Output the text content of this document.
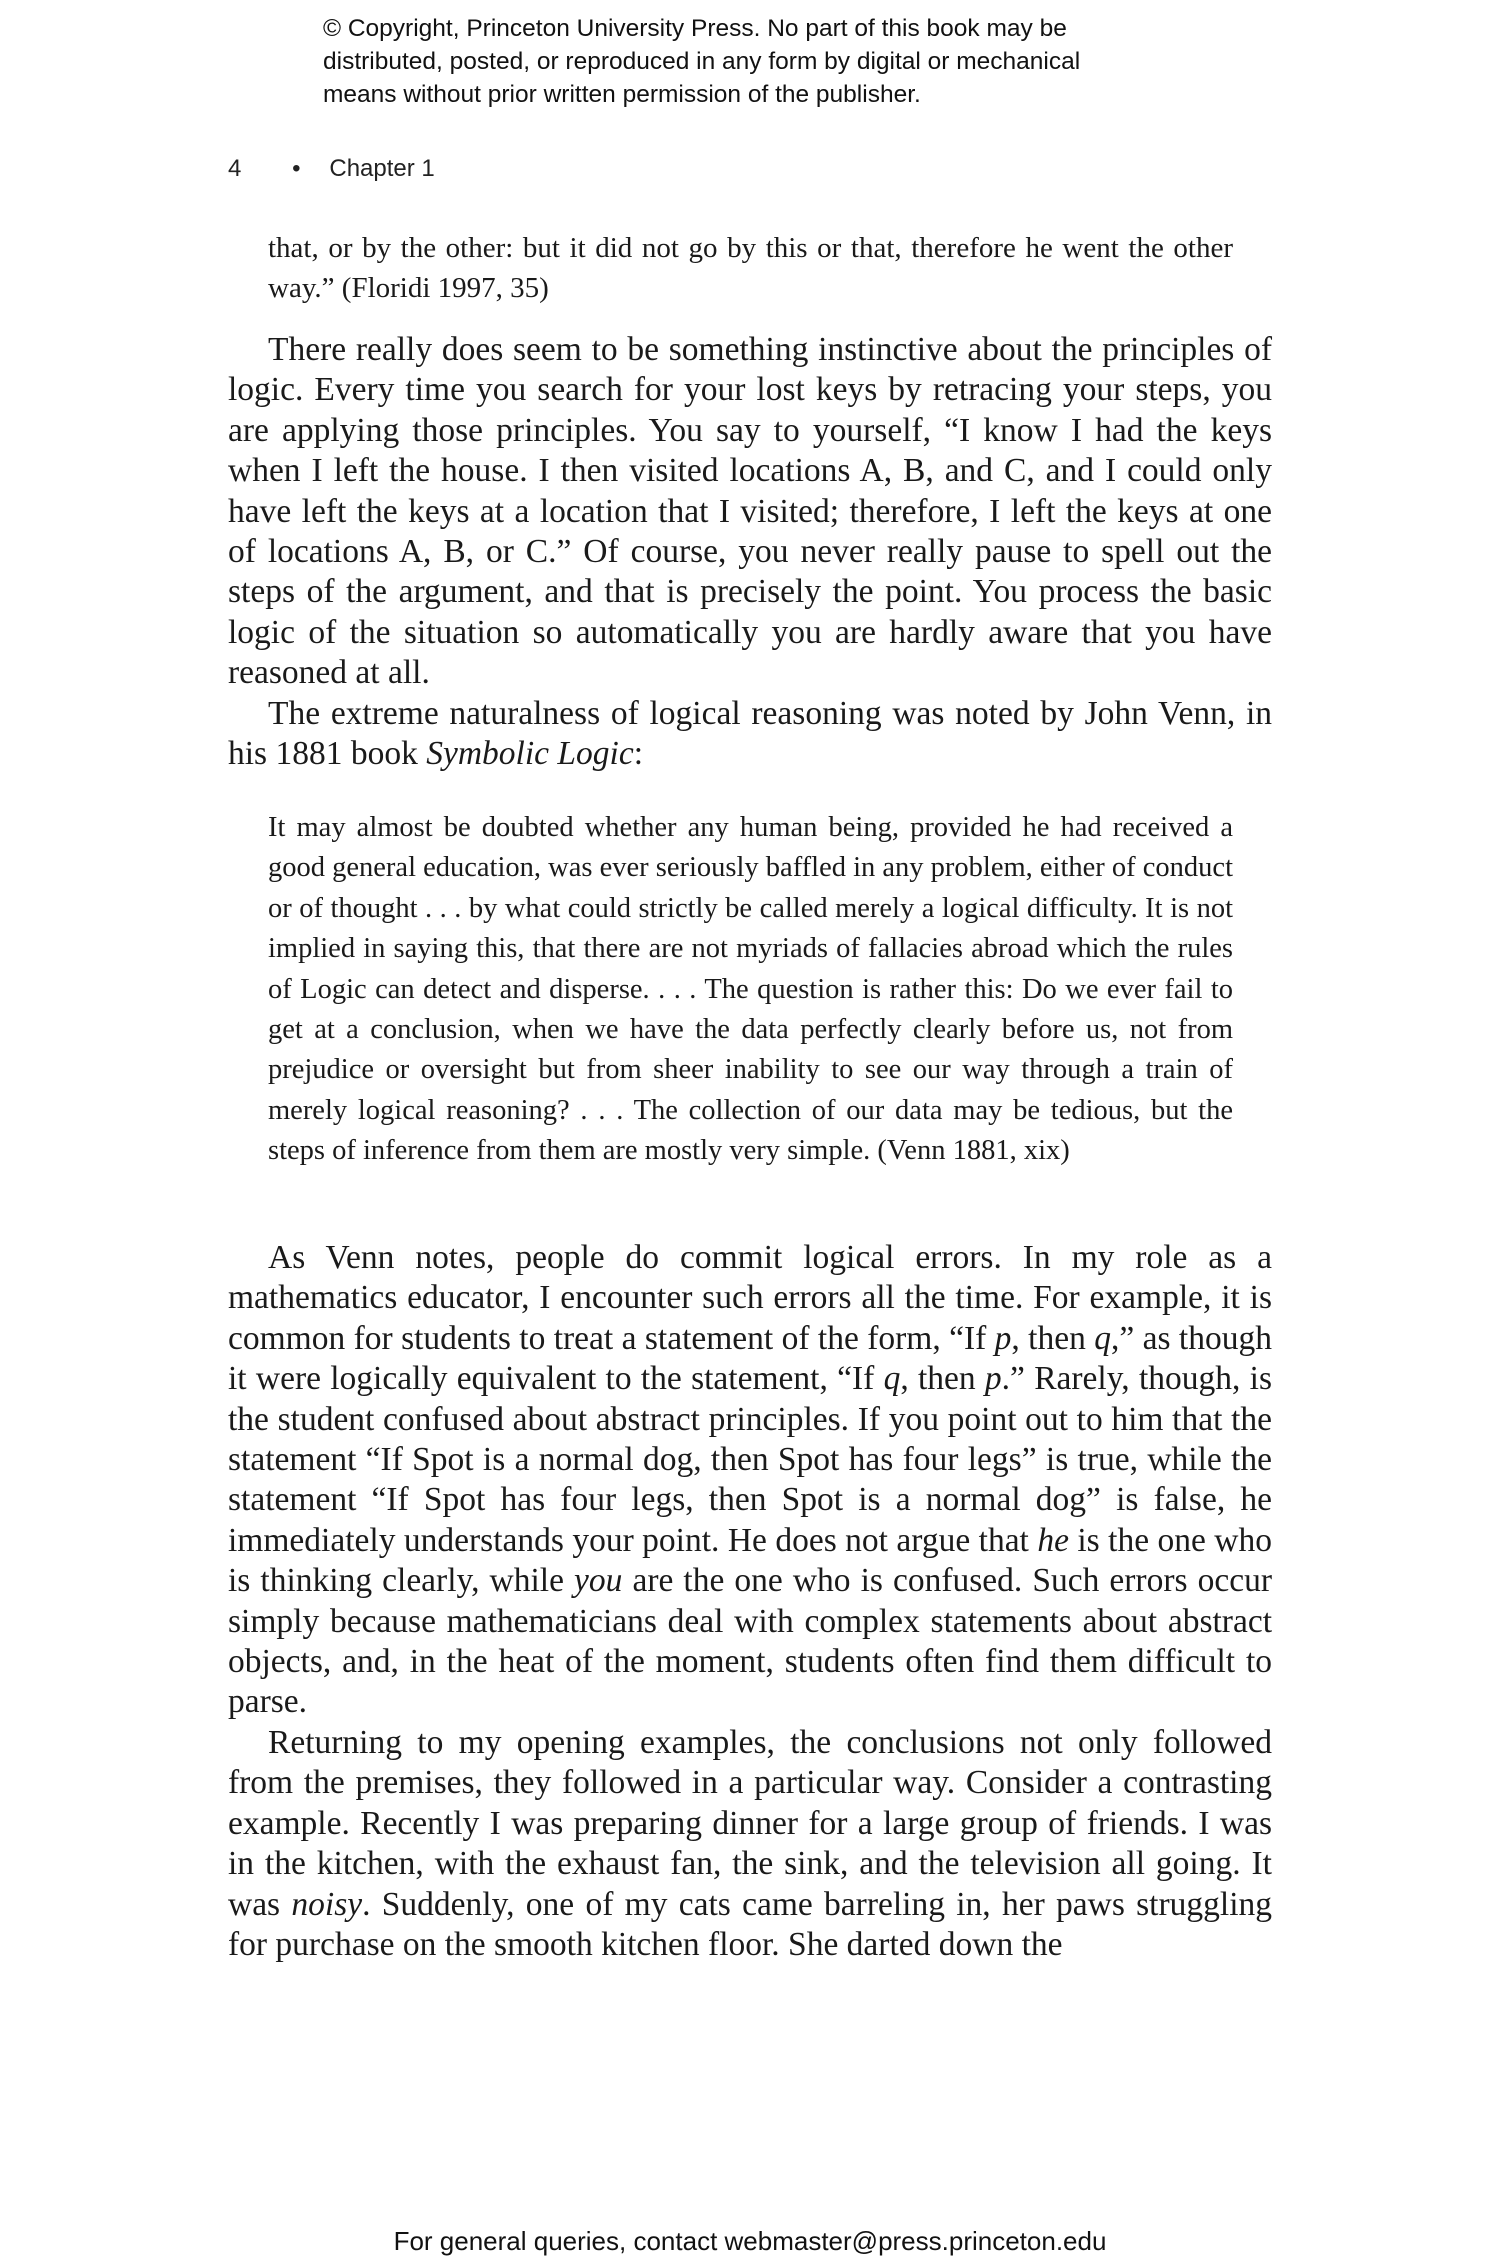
© Copyright, Princeton University Press. No part of this book may be
distributed, posted, or reproduced in any form by digital or mechanical
means without prior written permission of the publisher.
4 • Chapter 1

that, or by the other: but it did not go by this or that, therefore he went the other way.” (Floridi 1997, 35)

There really does seem to be something instinctive about the principles of logic. Every time you search for your lost keys by retracing your steps, you are applying those principles. You say to yourself, “I know I had the keys when I left the house. I then visited locations A, B, and C, and I could only have left the keys at a location that I visited; therefore, I left the keys at one of locations A, B, or C.” Of course, you never really pause to spell out the steps of the argument, and that is precisely the point. You process the basic logic of the situation so automatically you are hardly aware that you have reasoned at all.

The extreme naturalness of logical reasoning was noted by John Venn, in his 1881 book Symbolic Logic:

It may almost be doubted whether any human being, provided he had received a good general education, was ever seriously baffled in any problem, either of conduct or of thought . . . by what could strictly be called merely a logical difficulty. It is not implied in saying this, that there are not myriads of fallacies abroad which the rules of Logic can detect and disperse. . . . The question is rather this: Do we ever fail to get at a conclusion, when we have the data perfectly clearly before us, not from prejudice or oversight but from sheer inability to see our way through a train of merely logical reasoning? . . . The collection of our data may be tedious, but the steps of inference from them are mostly very simple. (Venn 1881, xix)

As Venn notes, people do commit logical errors. In my role as a mathematics educator, I encounter such errors all the time. For example, it is common for students to treat a statement of the form, “If p, then q,” as though it were logically equivalent to the statement, “If q, then p.” Rarely, though, is the student confused about abstract principles. If you point out to him that the statement “If Spot is a normal dog, then Spot has four legs” is true, while the statement “If Spot has four legs, then Spot is a normal dog” is false, he immediately understands your point. He does not argue that he is the one who is thinking clearly, while you are the one who is confused. Such errors occur simply because mathematicians deal with complex statements about abstract objects, and, in the heat of the moment, students often find them difficult to parse.

Returning to my opening examples, the conclusions not only followed from the premises, they followed in a particular way. Consider a contrasting example. Recently I was preparing dinner for a large group of friends. I was in the kitchen, with the exhaust fan, the sink, and the television all going. It was noisy. Suddenly, one of my cats came barreling in, her paws struggling for purchase on the smooth kitchen floor. She darted down the

For general queries, contact webmaster@press.princeton.edu
